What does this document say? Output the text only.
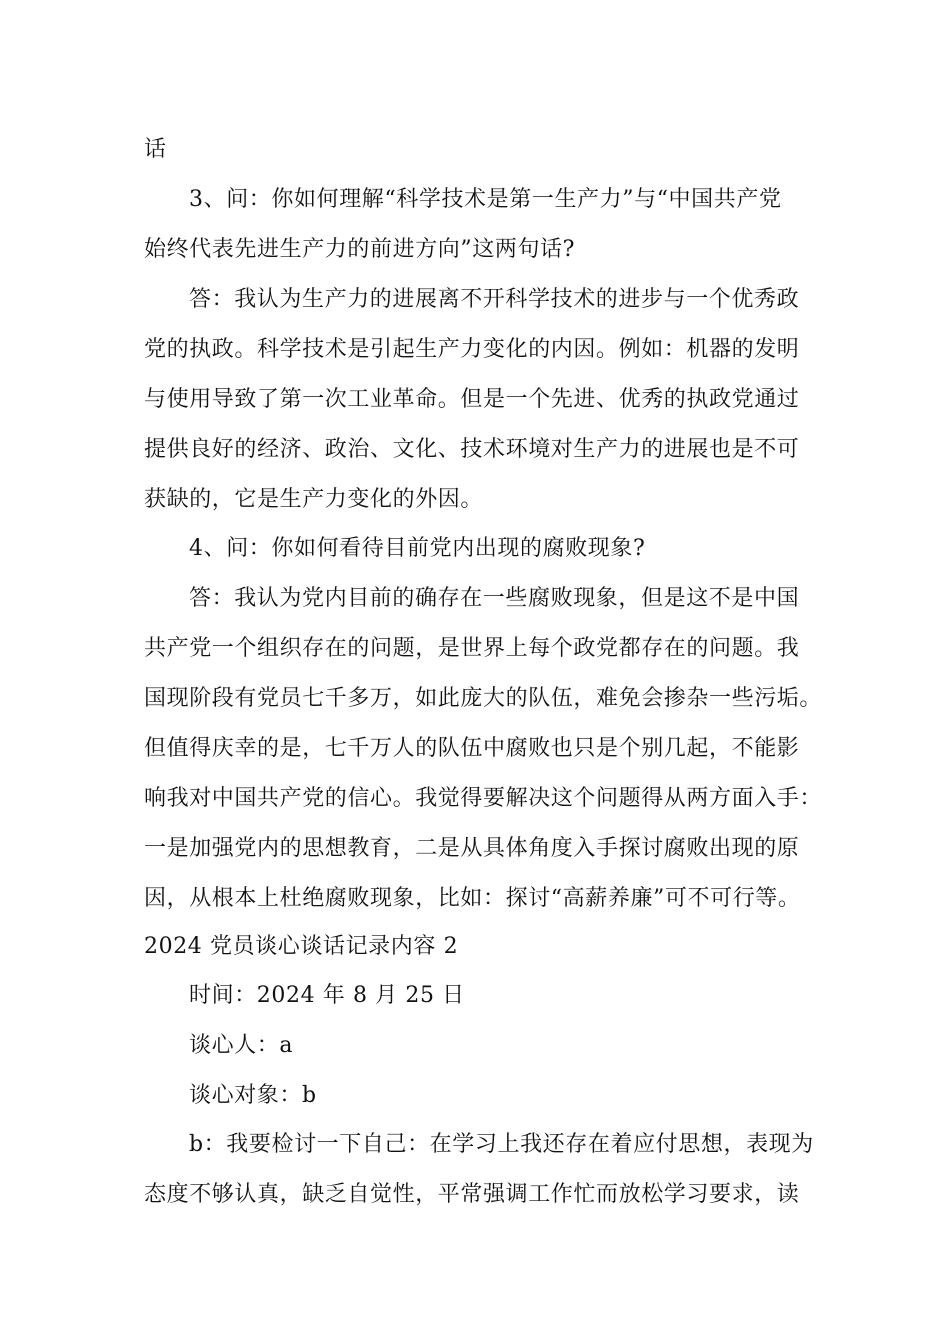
话
3、问：你如何理解“科学技术是第一生产力”与“中国共产党
始终代表先进生产力的前进方向”这两句话?
答：我认为生产力的进展离不开科学技术的进步与一个优秀政
党的执政。科学技术是引起生产力变化的内因。例如：机器的发明
与使用导致了第一次工业革命。但是一个先进、优秀的执政党通过
提供良好的经济、政治、文化、技术环境对生产力的进展也是不可
获缺的，它是生产力变化的外因。
4、问：你如何看待目前党内出现的腐败现象?
答：我认为党内目前的确存在一些腐败现象，但是这不是中国
共产党一个组织存在的问题，是世界上每个政党都存在的问题。我
国现阶段有党员七千多万，如此庞大的队伍，难免会掺杂一些污垢。
但值得庆幸的是，七千万人的队伍中腐败也只是个别几起，不能影
响我对中国共产党的信心。我觉得要解决这个问题得从两方面入手：
一是加强党内的思想教育，二是从具体角度入手探讨腐败出现的原
因，从根本上杜绝腐败现象，比如：探讨“高薪养廉”可不可行等。
2024 党员谈心谈话记录内容 2
时间：2024 年 8 月 25 日
谈心人：a
谈心对象：b
b：我要检讨一下自己：在学习上我还存在着应付思想，表现为
态度不够认真，缺乏自觉性，平常强调工作忙而放松学习要求，读
